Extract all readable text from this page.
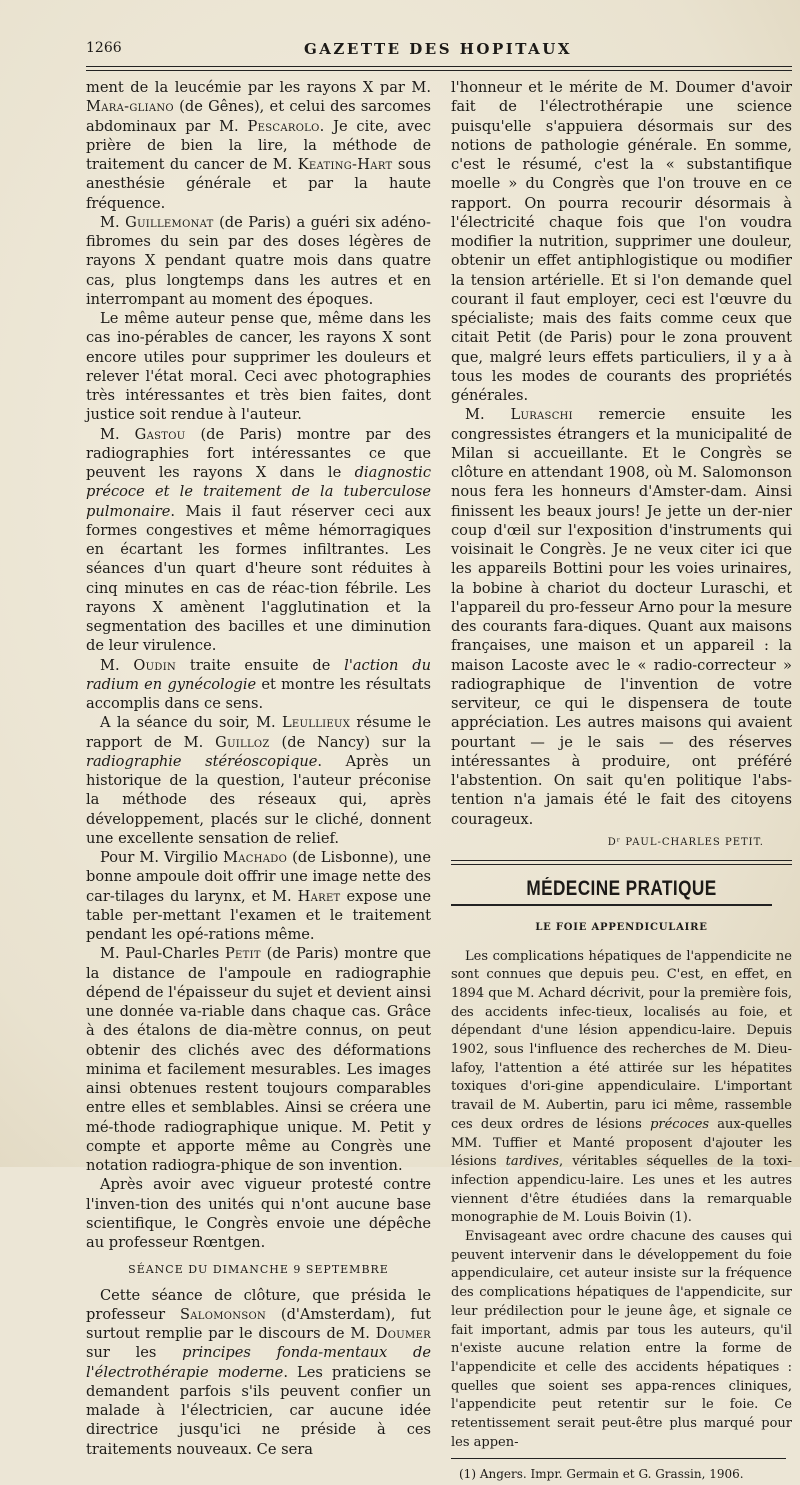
1266	GAZETTE DES HOPITAUX

ment de la leucémie par les rayons X par M. Mara-gliano (de Gênes), et celui des sarcomes abdominaux par M. Pescarolo. Je cite, avec prière de bien la lire, la méthode de traitement du cancer de M. Keating-Hart sous anesthésie générale et par la haute fréquence.

M. Guillemonat (de Paris) a guéri six adéno-fibromes du sein par des doses légères de rayons X pendant quatre mois dans quatre cas, plus longtemps dans les autres et en interrompant au moment des époques.

Le même auteur pense que, même dans les cas ino-pérables de cancer, les rayons X sont encore utiles pour supprimer les douleurs et relever l'état moral. Ceci avec photographies très intéressantes et très bien faites, dont justice soit rendue à l'auteur.

M. Gastou (de Paris) montre par des radiographies fort intéressantes ce que peuvent les rayons X dans le diagnostic précoce et le traitement de la tuberculose pulmonaire. Mais il faut réserver ceci aux formes congestives et même hémorragiques en écartant les formes infiltrantes. Les séances d'un quart d'heure sont réduites à cinq minutes en cas de réac-tion fébrile. Les rayons X amènent l'agglutination et la segmentation des bacilles et une diminution de leur virulence.

M. Oudin traite ensuite de l'action du radium en gynécologie et montre les résultats accomplis dans ce sens.

A la séance du soir, M. Leullieux résume le rapport de M. Guilloz (de Nancy) sur la radiographie stéréoscopique. Après un historique de la question, l'auteur préconise la méthode des réseaux qui, après développement, placés sur le cliché, donnent une excellente sensation de relief.

Pour M. Virgilio Machado (de Lisbonne), une bonne ampoule doit offrir une image nette des car-tilages du larynx, et M. Haret expose une table per-mettant l'examen et le traitement pendant les opé-rations même.

M. Paul-Charles Petit (de Paris) montre que la distance de l'ampoule en radiographie dépend de l'épaisseur du sujet et devient ainsi une donnée va-riable dans chaque cas. Grâce à des étalons de dia-mètre connus, on peut obtenir des clichés avec des déformations minima et facilement mesurables. Les images ainsi obtenues restent toujours comparables entre elles et semblables. Ainsi se créera une mé-thode radiographique unique. M. Petit y compte et apporte même au Congrès une notation radiogra-phique de son invention.

Après avoir avec vigueur protesté contre l'inven-tion des unités qui n'ont aucune base scientifique, le Congrès envoie une dépêche au professeur Rœntgen.

SÉANCE DU DIMANCHE 9 SEPTEMBRE

Cette séance de clôture, que présida le professeur Salomonson (d'Amsterdam), fut surtout remplie par le discours de M. Doumer sur les principes fonda-mentaux de l'électrothérapie moderne. Les praticiens se demandent parfois s'ils peuvent confier un malade à l'électricien, car aucune idée directrice jusqu'ici ne préside à ces traitements nouveaux. Ce sera

l'honneur et le mérite de M. Doumer d'avoir fait de l'électrothérapie une science puisqu'elle s'appuiera désormais sur des notions de pathologie générale. En somme, c'est le résumé, c'est la « substantifique moelle » du Congrès que l'on trouve en ce rapport. On pourra recourir désormais à l'électricité chaque fois que l'on voudra modifier la nutrition, supprimer une douleur, obtenir un effet antiphlogistique ou modifier la tension artérielle. Et si l'on demande quel courant il faut employer, ceci est l'œuvre du spécialiste; mais des faits comme ceux que citait Petit (de Paris) pour le zona prouvent que, malgré leurs effets particuliers, il y a à tous les modes de courants des propriétés générales.

M. Luraschi remercie ensuite les congressistes étrangers et la municipalité de Milan si accueillante. Et le Congrès se clôture en attendant 1908, où M. Salomonson nous fera les honneurs d'Amster-dam. Ainsi finissent les beaux jours! Je jette un der-nier coup d'œil sur l'exposition d'instruments qui voisinait le Congrès. Je ne veux citer ici que les appareils Bottini pour les voies urinaires, la bobine à chariot du docteur Luraschi, et l'appareil du pro-fesseur Arno pour la mesure des courants fara-diques. Quant aux maisons françaises, une maison et un appareil : la maison Lacoste avec le « radio-correcteur » radiographique de l'invention de votre serviteur, ce qui le dispensera de toute appréciation. Les autres maisons qui avaient pourtant — je le sais — des réserves intéressantes à produire, ont préféré l'abstention. On sait qu'en politique l'abs-tention n'a jamais été le fait des citoyens courageux.

Dʳ PAUL-CHARLES PETIT.
MÉDECINE PRATIQUE
LE FOIE APPENDICULAIRE

Les complications hépatiques de l'appendicite ne sont connues que depuis peu. C'est, en effet, en 1894 que M. Achard décrivit, pour la première fois, des accidents infec-tieux, localisés au foie, et dépendant d'une lésion appendicu-laire. Depuis 1902, sous l'influence des recherches de M. Dieu-lafoy, l'attention a été attirée sur les hépatites toxiques d'ori-gine appendiculaire. L'important travail de M. Aubertin, paru ici même, rassemble ces deux ordres de lésions précoces aux-quelles MM. Tuffier et Manté proposent d'ajouter les lésions tardives, véritables séquelles de la toxi-infection appendicu-laire. Les unes et les autres viennent d'être étudiées dans la remarquable monographie de M. Louis Boivin (1).

Envisageant avec ordre chacune des causes qui peuvent intervenir dans le développement du foie appendiculaire, cet auteur insiste sur la fréquence des complications hépatiques de l'appendicite, sur leur prédilection pour le jeune âge, et signale ce fait important, admis par tous les auteurs, qu'il n'existe aucune relation entre la forme de l'appendicite et celle des accidents hépatiques : quelles que soient ses appa-rences cliniques, l'appendicite peut retentir sur le foie. Ce retentissement serait peut-être plus marqué pour les appen-

(1) Angers. Impr. Germain et G. Grassin, 1906.
